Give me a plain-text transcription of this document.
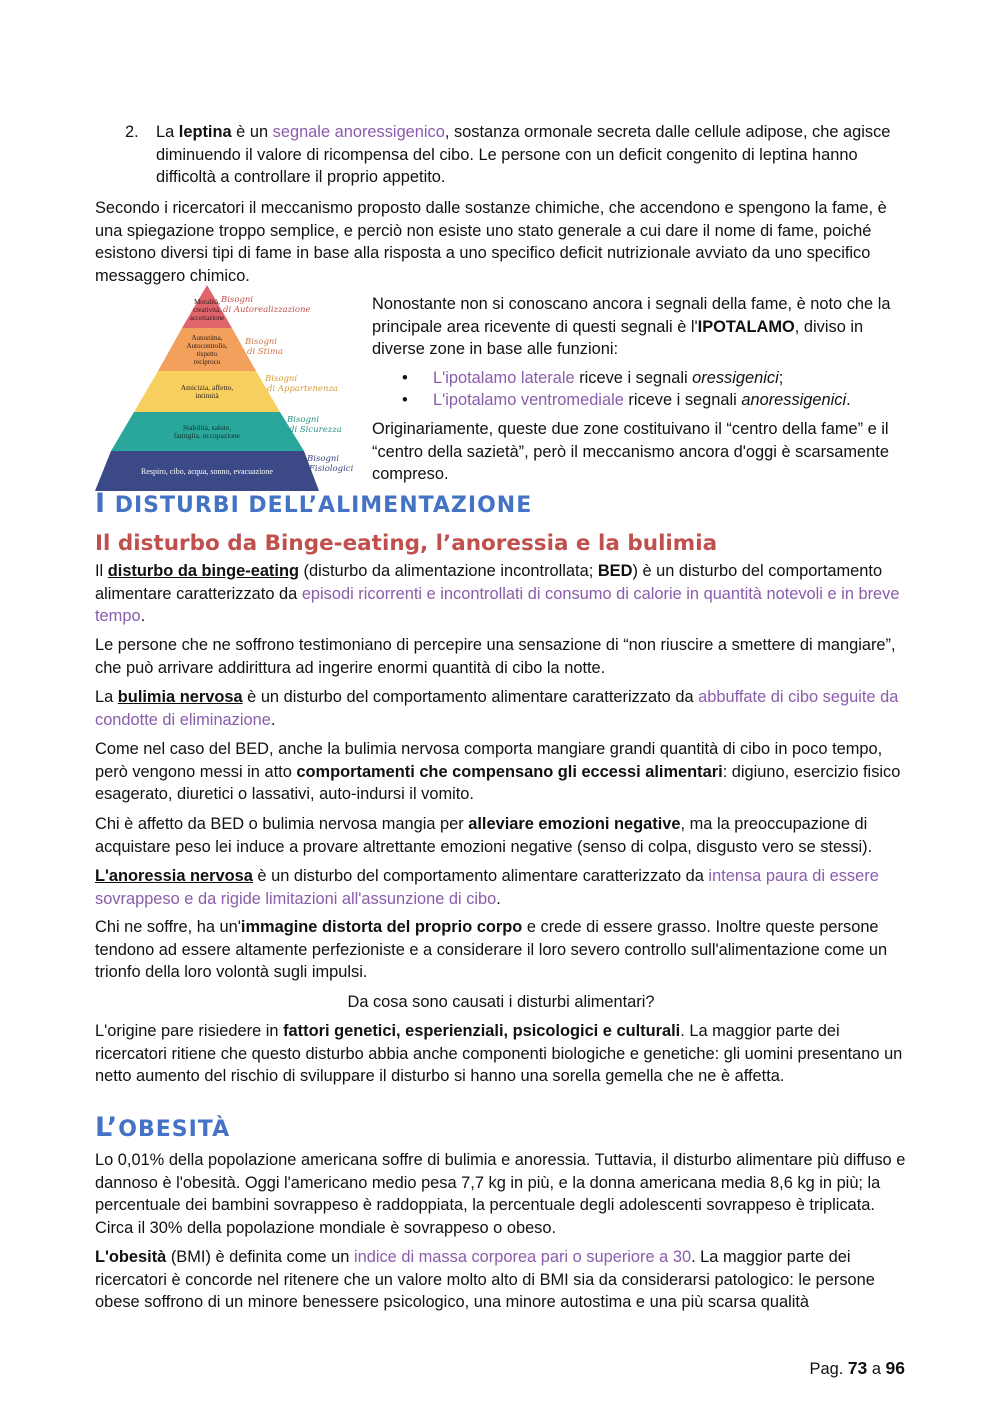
2. La leptina è un segnale anoressigenico, sostanza ormonale secreta dalle cellule adipose, che agisce diminuendo il valore di ricompensa del cibo. Le persone con un deficit congenito di leptina hanno difficoltà a controllare il proprio appetito.

Secondo i ricercatori il meccanismo proposto dalle sostanze chimiche, che accendono e spengono la fame, è una spiegazione troppo semplice, e perciò non esiste uno stato generale a cui dare il nome di fame, poiché esistono diversi tipi di fame in base alla risposta a uno specifico deficit nutrizionale avviato da uno specifico messaggero chimico.

Moralità, creatività, accettazione
Autostima, Autocontrollo, rispetto reciproco
Amicizia, affetto, intimità
Stabilità, salute, famiglia, occupazione
Respiro, cibo, acqua, sonno, evacuazione
Bisogni di Autorealizzazione
Bisogni di Stima
Bisogni di Appartenenza
Bisogni di Sicurezza
Bisogni Fisiologici

Nonostante non si conoscano ancora i segnali della fame, è noto che la principale area ricevente di questi segnali è l'IPOTALAMO, diviso in diverse zone in base alle funzioni:

• L'ipotalamo laterale riceve i segnali oressigenici;
• L'ipotalamo ventromediale riceve i segnali anoressigenici.

Originariamente, queste due zone costituivano il “centro della fame” e il “centro della sazietà”, però il meccanismo ancora d'oggi è scarsamente compreso.

I DISTURBI DELL’ALIMENTAZIONE
Il disturbo da Binge-eating, l’anoressia e la bulimia

Il disturbo da binge-eating (disturbo da alimentazione incontrollata; BED) è un disturbo del comportamento alimentare caratterizzato da episodi ricorrenti e incontrollati di consumo di calorie in quantità notevoli e in breve tempo.

Le persone che ne soffrono testimoniano di percepire una sensazione di “non riuscire a smettere di mangiare”, che può arrivare addirittura ad ingerire enormi quantità di cibo la notte.

La bulimia nervosa è un disturbo del comportamento alimentare caratterizzato da abbuffate di cibo seguite da condotte di eliminazione.

Come nel caso del BED, anche la bulimia nervosa comporta mangiare grandi quantità di cibo in poco tempo, però vengono messi in atto comportamenti che compensano gli eccessi alimentari: digiuno, esercizio fisico esagerato, diuretici o lassativi, auto-indursi il vomito.

Chi è affetto da BED o bulimia nervosa mangia per alleviare emozioni negative, ma la preoccupazione di acquistare peso lei induce a provare altrettante emozioni negative (senso di colpa, disgusto vero se stessi).

L'anoressia nervosa è un disturbo del comportamento alimentare caratterizzato da intensa paura di essere sovrappeso e da rigide limitazioni all'assunzione di cibo.

Chi ne soffre, ha un'immagine distorta del proprio corpo e crede di essere grasso. Inoltre queste persone tendono ad essere altamente perfezioniste e a considerare il loro severo controllo sull'alimentazione come un trionfo della loro volontà sugli impulsi.

Da cosa sono causati i disturbi alimentari?

L'origine pare risiedere in fattori genetici, esperienziali, psicologici e culturali. La maggior parte dei ricercatori ritiene che questo disturbo abbia anche componenti biologiche e genetiche: gli uomini presentano un netto aumento del rischio di sviluppare il disturbo si hanno una sorella gemella che ne è affetta.

L’OBESITÀ

Lo 0,01% della popolazione americana soffre di bulimia e anoressia. Tuttavia, il disturbo alimentare più diffuso e dannoso è l'obesità. Oggi l'americano medio pesa 7,7 kg in più, e la donna americana media 8,6 kg in più; la percentuale dei bambini sovrappeso è raddoppiata, la percentuale degli adolescenti sovrappeso è triplicata. Circa il 30% della popolazione mondiale è sovrappeso o obeso.

L'obesità (BMI) è definita come un indice di massa corporea pari o superiore a 30. La maggior parte dei ricercatori è concorde nel ritenere che un valore molto alto di BMI sia da considerarsi patologico: le persone obese soffrono di un minore benessere psicologico, una minore autostima e una più scarsa qualità

Pag. 73 a 96
